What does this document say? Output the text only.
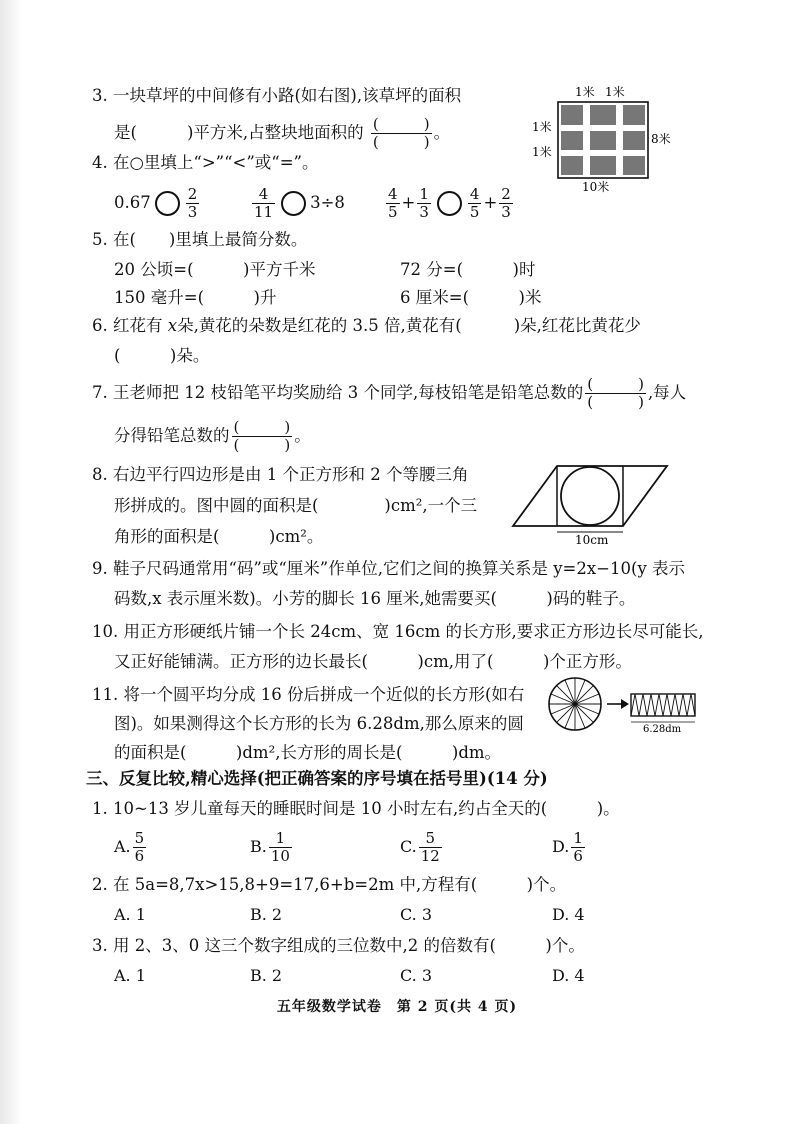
3. 一块草坪的中间修有小路(如右图),该草坪的面积
是(	)平方米,占整块地面积的 $\frac{( )}{( )}$ 。
1米 1米
1米
1米
8米
10米
4. 在○里填上“>”“<”或“=”。
$0.67 \frac{2}{3}$	$\frac{4}{11} 3\div 8$	$\frac{4}{5} + \frac{1}{3} \frac{4}{5} + \frac{2}{3}$
5. 在(　　)里填上最简分数。
20 公顷=(　　　)平方千米	72 分=(　　　)时
150 毫升=(　　　)升	6 厘米=(　　　)米
6. 红花有 x朵,黄花的朵数是红花的 3.5 倍,黄花有(	)朵,红花比黄花少
(　　　)朵。
7. 王老师把 12 枝铅笔平均奖励给 3 个同学,每枝铅笔是铅笔总数的 $\frac{( )}{( )}$ ,每人
分得铅笔总数的 $\frac{( )}{( )}$ 。
8. 右边平行四边形是由 1 个正方形和 2 个等腰三角
形拼成的。图中圆的面积是(　　　　)cm²,一个三
角形的面积是(　　　)cm²。	10cm
9. 鞋子尺码通常用“码”或“厘米”作单位,它们之间的换算关系是 y=2x−10(y 表示
码数,x 表示厘米数)。小芳的脚长 16 厘米,她需要买(　　　)码的鞋子。
10. 用正方形硬纸片铺一个长 24cm、宽 16cm 的长方形,要求正方形边长尽可能长,
又正好能铺满。正方形的边长最长(　　　)cm,用了(　　　)个正方形。
11. 将一个圆平均分成 16 份后拼成一个近似的长方形(如右
图)。如果测得这个长方形的长为 6.28dm,那么原来的圆
的面积是(　　　)dm²,长方形的周长是(　　　)dm。
6.28dm
三、反复比较,精心选择(把正确答案的序号填在括号里)(14 分)
1. 10~13 岁儿童每天的睡眠时间是 10 小时左右,约占全天的(　　　)。
A. $\frac{5}{6}$	B. $\frac{1}{10}$	C. $\frac{5}{12}$	D. $\frac{1}{6}$
2. 在 5a=8,7x>15,8+9=17,6+b=2m 中,方程有(　　　)个。
A. 1	B. 2	C. 3	D. 4
3. 用 2、3、0 这三个数字组成的三位数中,2 的倍数有(　　　)个。
A. 1	B. 2	C. 3	D. 4
五年级数学试卷　第 2 页(共 4 页)
